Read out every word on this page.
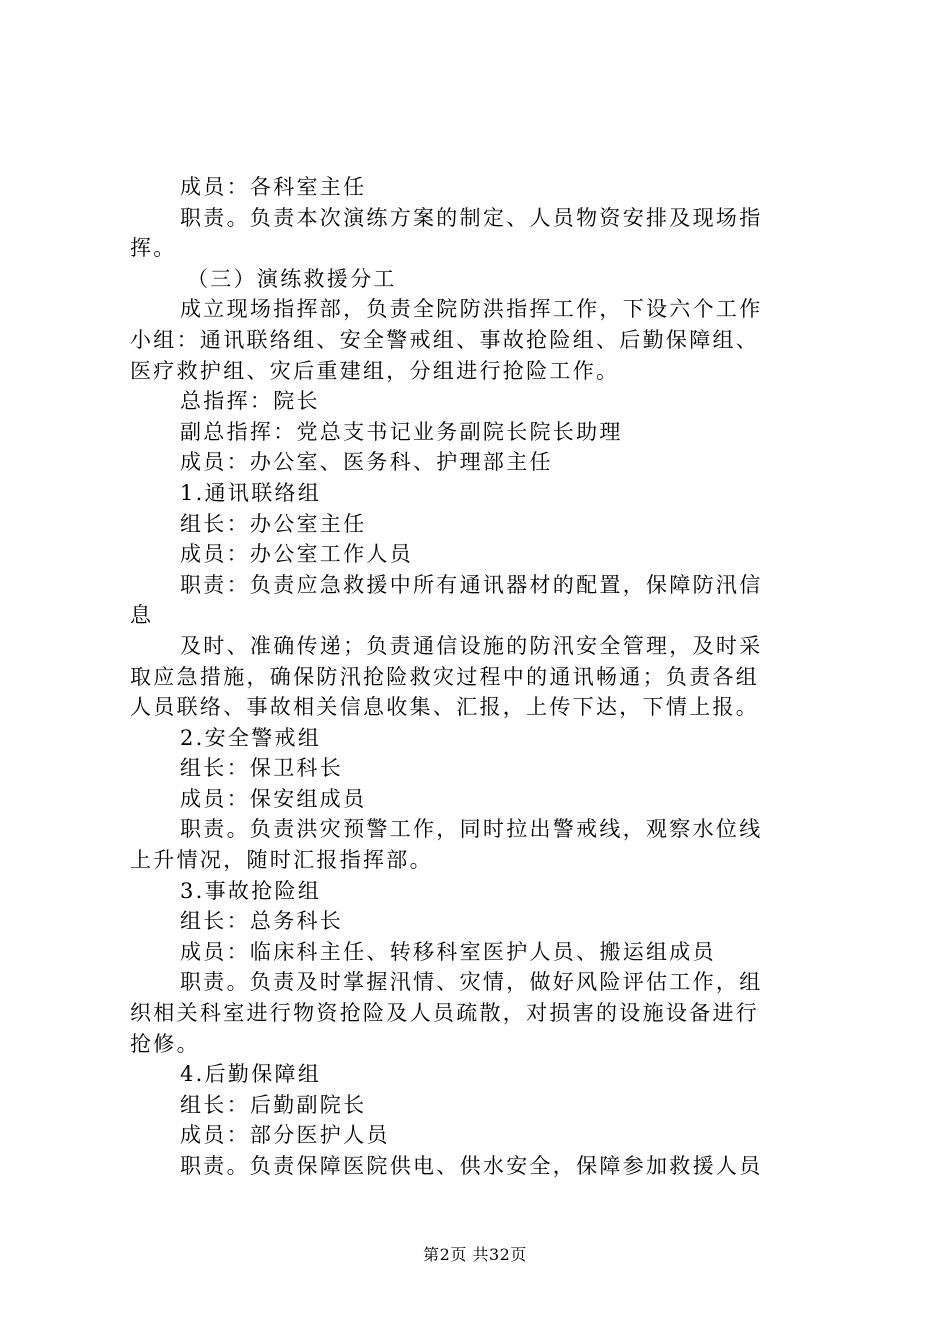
成员：各科室主任
职责。负责本次演练方案的制定、人员物资安排及现场指
挥。
（三）演练救援分工
成立现场指挥部，负责全院防洪指挥工作，下设六个工作
小组：通讯联络组、安全警戒组、事故抢险组、后勤保障组、
医疗救护组、灾后重建组，分组进行抢险工作。
总指挥：院长
副总指挥：党总支书记业务副院长院长助理
成员：办公室、医务科、护理部主任
1.通讯联络组
组长：办公室主任
成员：办公室工作人员
职责：负责应急救援中所有通讯器材的配置，保障防汛信
息
及时、准确传递；负责通信设施的防汛安全管理，及时采
取应急措施，确保防汛抢险救灾过程中的通讯畅通；负责各组
人员联络、事故相关信息收集、汇报，上传下达，下情上报。
2.安全警戒组
组长：保卫科长
成员：保安组成员
职责。负责洪灾预警工作，同时拉出警戒线，观察水位线
上升情况，随时汇报指挥部。
3.事故抢险组
组长：总务科长
成员：临床科主任、转移科室医护人员、搬运组成员
职责。负责及时掌握汛情、灾情，做好风险评估工作，组
织相关科室进行物资抢险及人员疏散，对损害的设施设备进行
抢修。
4.后勤保障组
组长：后勤副院长
成员：部分医护人员
职责。负责保障医院供电、供水安全，保障参加救援人员
第2页 共32页
